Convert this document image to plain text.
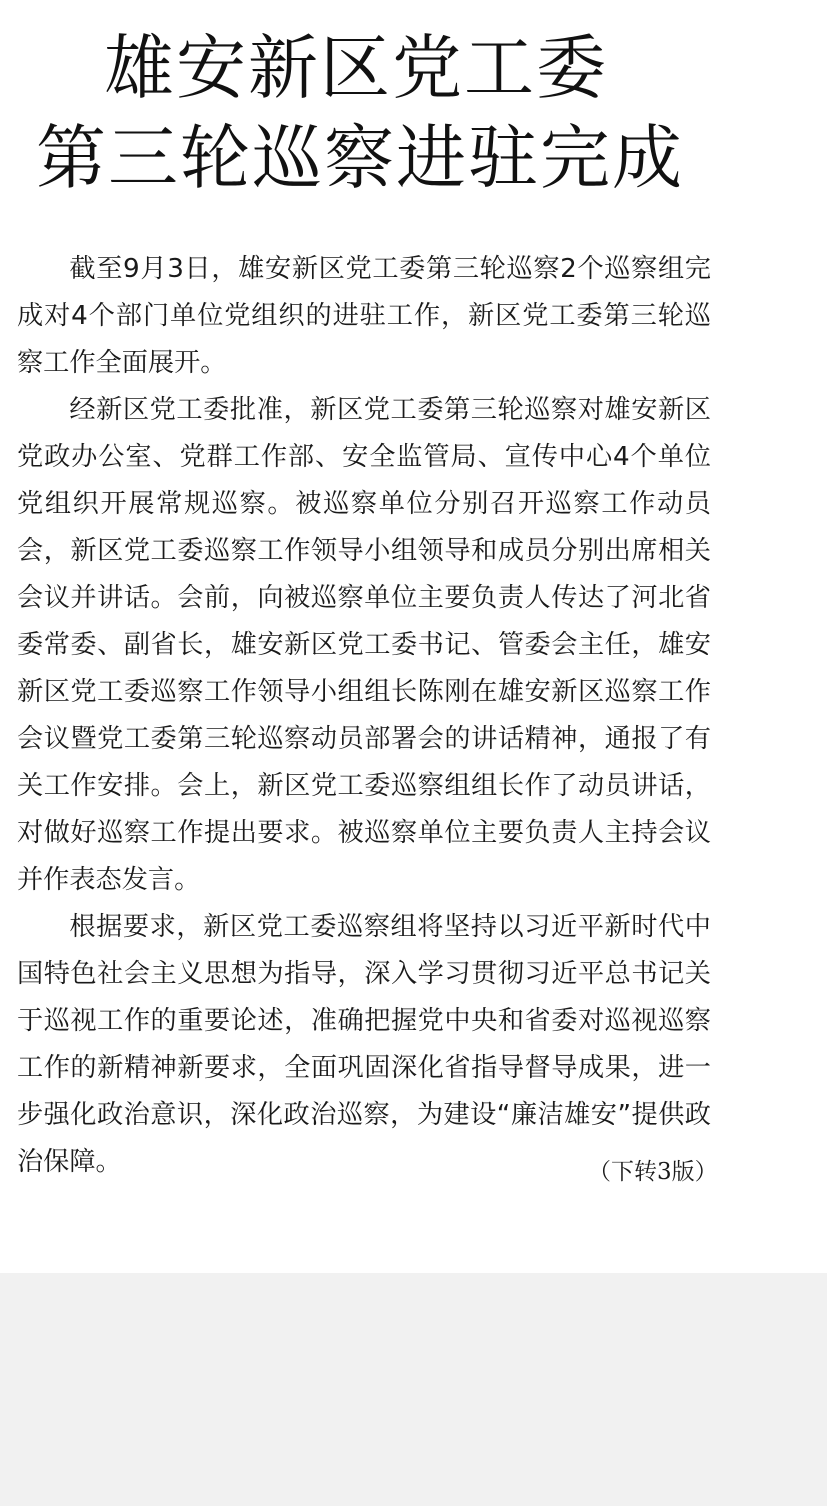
雄安新区党工委
第三轮巡察进驻完成

截至9月3日，雄安新区党工委第三轮巡察2个巡察组完成对4个部门单位党组织的进驻工作，新区党工委第三轮巡察工作全面展开。

经新区党工委批准，新区党工委第三轮巡察对雄安新区党政办公室、党群工作部、安全监管局、宣传中心4个单位党组织开展常规巡察。被巡察单位分别召开巡察工作动员会，新区党工委巡察工作领导小组领导和成员分别出席相关会议并讲话。会前，向被巡察单位主要负责人传达了河北省委常委、副省长，雄安新区党工委书记、管委会主任，雄安新区党工委巡察工作领导小组组长陈刚在雄安新区巡察工作会议暨党工委第三轮巡察动员部署会的讲话精神，通报了有关工作安排。会上，新区党工委巡察组组长作了动员讲话，对做好巡察工作提出要求。被巡察单位主要负责人主持会议并作表态发言。

根据要求，新区党工委巡察组将坚持以习近平新时代中国特色社会主义思想为指导，深入学习贯彻习近平总书记关于巡视工作的重要论述，准确把握党中央和省委对巡视巡察工作的新精神新要求，全面巩固深化省指导督导成果，进一步强化政治意识，深化政治巡察，为建设“廉洁雄安”提供政治保障。	（下转3版）
